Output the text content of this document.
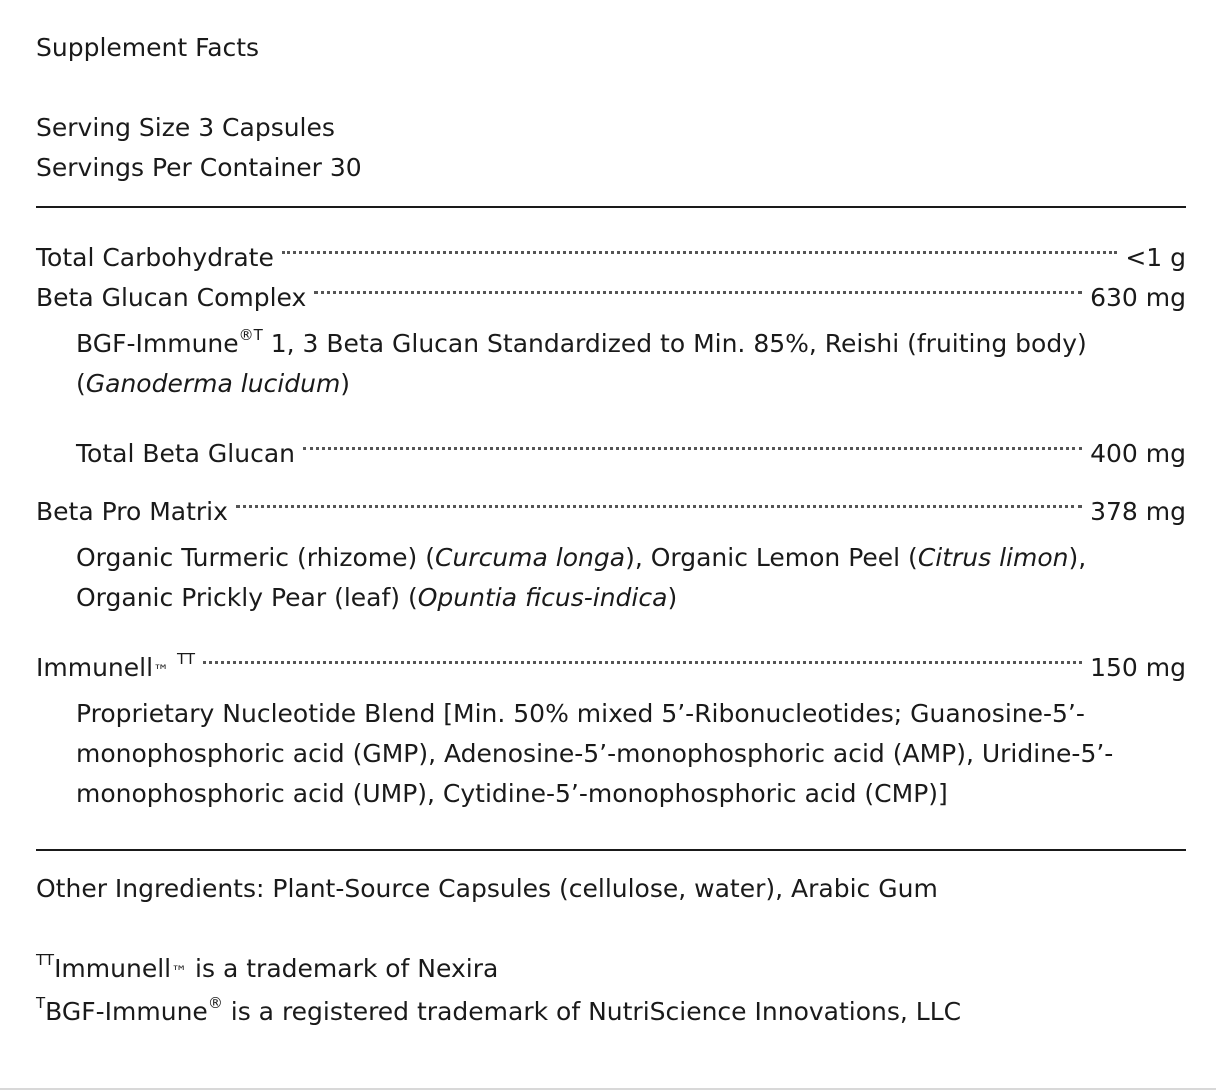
Supplement Facts
Serving Size 3 Capsules
Servings Per Container 30
Total Carbohydrate	<1 g
Beta Glucan Complex	630 mg
BGF-Immune$^{®T}$ 1, 3 Beta Glucan Standardized to Min. 85%, Reishi (fruiting body) (Ganoderma lucidum)
Total Beta Glucan	400 mg
Beta Pro Matrix	378 mg
Organic Turmeric (rhizome) (Curcuma longa), Organic Lemon Peel (Citrus limon), Organic Prickly Pear (leaf) (Opuntia ficus-indica)
Immunell™ $^{TT}$	150 mg
Proprietary Nucleotide Blend [Min. 50% mixed 5’-Ribonucleotides; Guanosine-5’-
monophosphoric acid (GMP), Adenosine-5’-monophosphoric acid (AMP), Uridine-5’-
monophosphoric acid (UMP), Cytidine-5’-monophosphoric acid (CMP)]
Other Ingredients: Plant-Source Capsules (cellulose, water), Arabic Gum
$^{TT}$Immunell™ is a trademark of Nexira
$^T$BGF-Immune® is a registered trademark of NutriScience Innovations, LLC
